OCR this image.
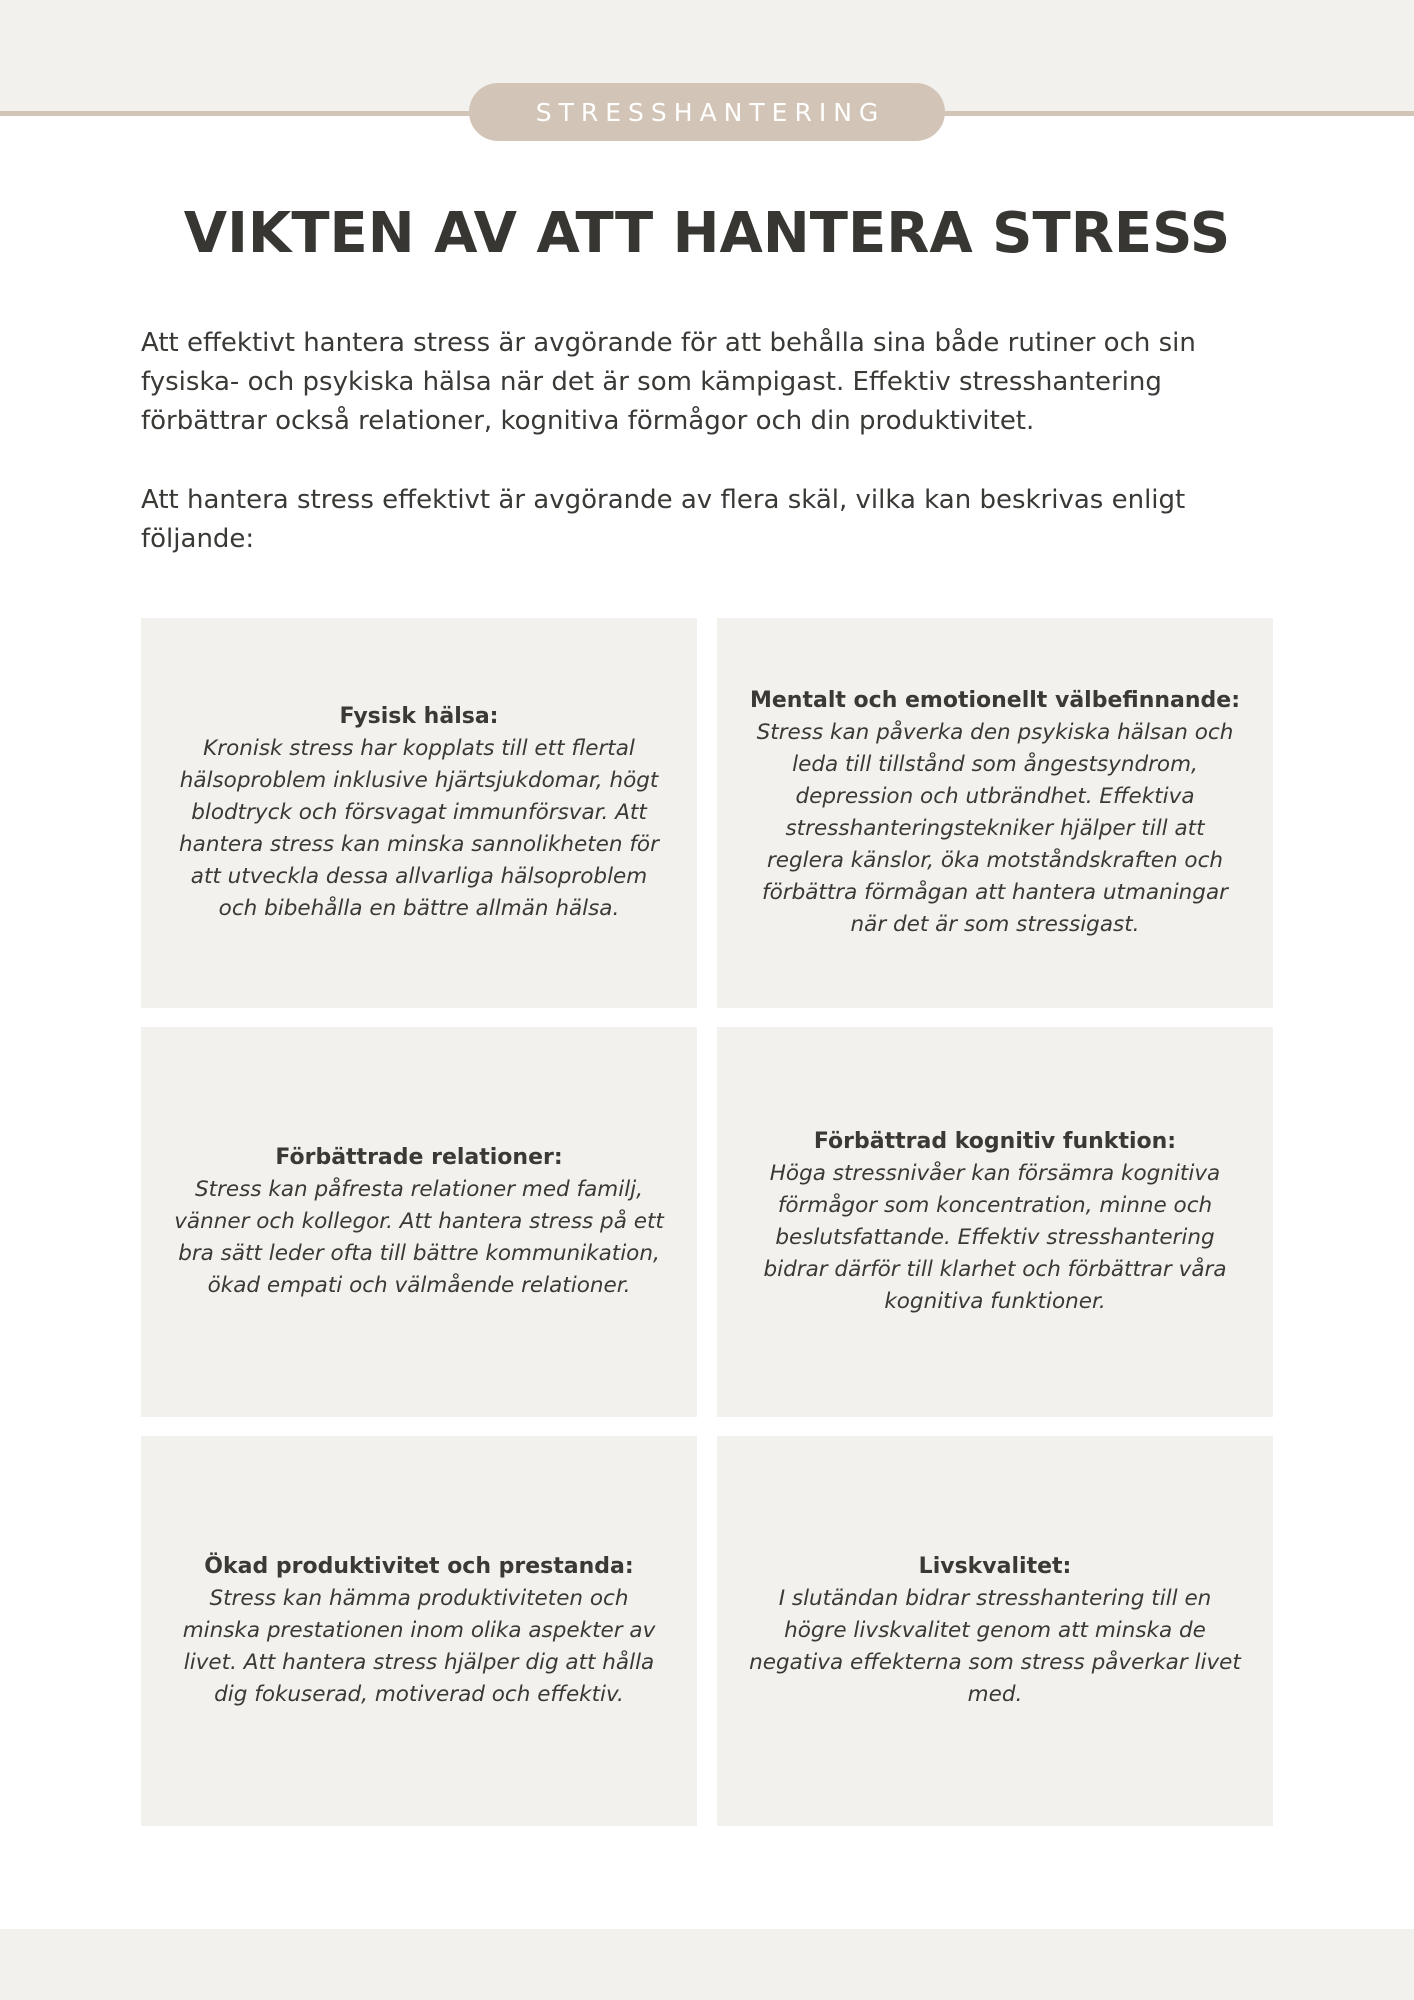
STRESSHANTERING
VIKTEN AV ATT HANTERA STRESS

Att effektivt hantera stress är avgörande för att behålla sina både rutiner och sin fysiska- och psykiska hälsa när det är som kämpigast. Effektiv stresshantering förbättrar också relationer, kognitiva förmågor och din produktivitet.

Att hantera stress effektivt är avgörande av flera skäl, vilka kan beskrivas enligt följande:

Fysisk hälsa:
Kronisk stress har kopplats till ett flertal hälsoproblem inklusive hjärtsjukdomar, högt blodtryck och försvagat immunförsvar. Att hantera stress kan minska sannolikheten för att utveckla dessa allvarliga hälsoproblem och bibehålla en bättre allmän hälsa.
Mentalt och emotionellt välbefinnande:
Stress kan påverka den psykiska hälsan och leda till tillstånd som ångestsyndrom, depression och utbrändhet. Effektiva stresshanteringstekniker hjälper till att reglera känslor, öka motståndskraften och förbättra förmågan att hantera utmaningar när det är som stressigast.
Förbättrade relationer:
Stress kan påfresta relationer med familj, vänner och kollegor. Att hantera stress på ett bra sätt leder ofta till bättre kommunikation, ökad empati och välmående relationer.
Förbättrad kognitiv funktion:
Höga stressnivåer kan försämra kognitiva förmågor som koncentration, minne och beslutsfattande. Effektiv stresshantering bidrar därför till klarhet och förbättrar våra kognitiva funktioner.
Ökad produktivitet och prestanda:
Stress kan hämma produktiviteten och minska prestationen inom olika aspekter av livet. Att hantera stress hjälper dig att hålla dig fokuserad, motiverad och effektiv.
Livskvalitet:
I slutändan bidrar stresshantering till en högre livskvalitet genom att minska de negativa effekterna som stress påverkar livet med.
